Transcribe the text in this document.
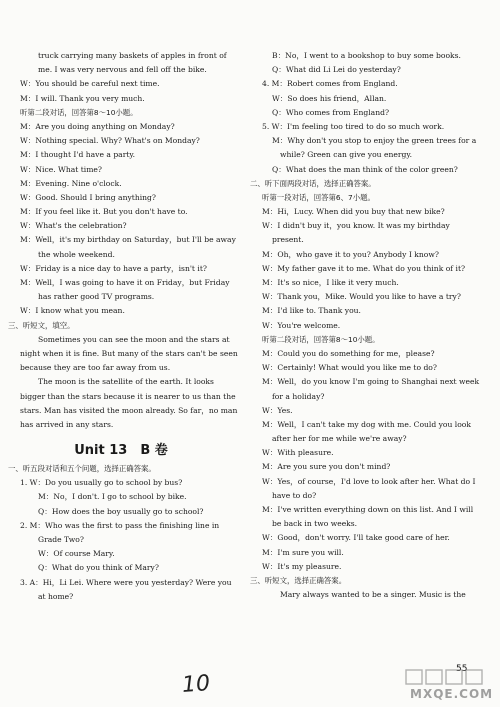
truck carrying many baskets of apples in front of
me. I was very nervous and fell off the bike.
W：You should be careful next time.
M：I will. Thank you very much.
听第二段对话，回答第8～10小题。
M：Are you doing anything on Monday?
W：Nothing special. Why? What's on Monday?
M：I thought I'd have a party.
W：Nice. What time?
M：Evening. Nine o'clock.
W：Good. Should I bring anything?
M：If you feel like it. But you don't have to.
W：What's the celebration?
M：Well，it's my birthday on Saturday，but I'll be away
the whole weekend.
W：Friday is a nice day to have a party，isn't it?
M：Well，I was going to have it on Friday，but Friday
has rather good TV programs.
W：I know what you mean.
三、听短文，填空。
Sometimes you can see the moon and the stars at
night when it is fine. But many of the stars can't be seen
because they are too far away from us.
The moon is the satellite of the earth. It looks
bigger than the stars because it is nearer to us than the
stars. Man has visited the moon already. So far，no man
has arrived in any stars.
Unit 13　B 卷
一、听五段对话和五个问题，选择正确答案。
1. W：Do you usually go to school by bus?
M：No，I don't. I go to school by bike.
Q：How does the boy usually go to school?
2. M：Who was the first to pass the finishing line in
Grade Two?
W：Of course Mary.
Q：What do you think of Mary?
3. A：Hi，Li Lei. Where were you yesterday? Were you
at home?
B：No，I went to a bookshop to buy some books.
Q：What did Li Lei do yesterday?
4. M：Robert comes from England.
W：So does his friend，Allan.
Q：Who comes from England?
5. W：I'm feeling too tired to do so much work.
M：Why don't you stop to enjoy the green trees for a
while? Green can give you energy.
Q：What does the man think of the color green?
二、听下面两段对话，选择正确答案。
听第一段对话，回答第6、7小题。
M：Hi，Lucy. When did you buy that new bike?
W：I didn't buy it，you know. It was my birthday
present.
M：Oh，who gave it to you? Anybody I know?
W：My father gave it to me. What do you think of it?
M：It's so nice，I like it very much.
W：Thank you，Mike. Would you like to have a try?
M：I'd like to. Thank you.
W：You're welcome.
听第二段对话，回答第8～10小题。
M：Could you do something for me，please?
W：Certainly! What would you like me to do?
M：Well，do you know I'm going to Shanghai next week
for a holiday?
W：Yes.
M：Well，I can't take my dog with me. Could you look
after her for me while we're away?
W：With pleasure.
M：Are you sure you don't mind?
W：Yes，of course，I'd love to look after her. What do I
have to do?
M：I've written everything down on this list. And I will
be back in two weeks.
W：Good，don't worry. I'll take good care of her.
M：I'm sure you will.
W：It's my pleasure.
三、听短文，选择正确答案。
Mary always wanted to be a singer. Music is the
55
10	MXQE.COM
